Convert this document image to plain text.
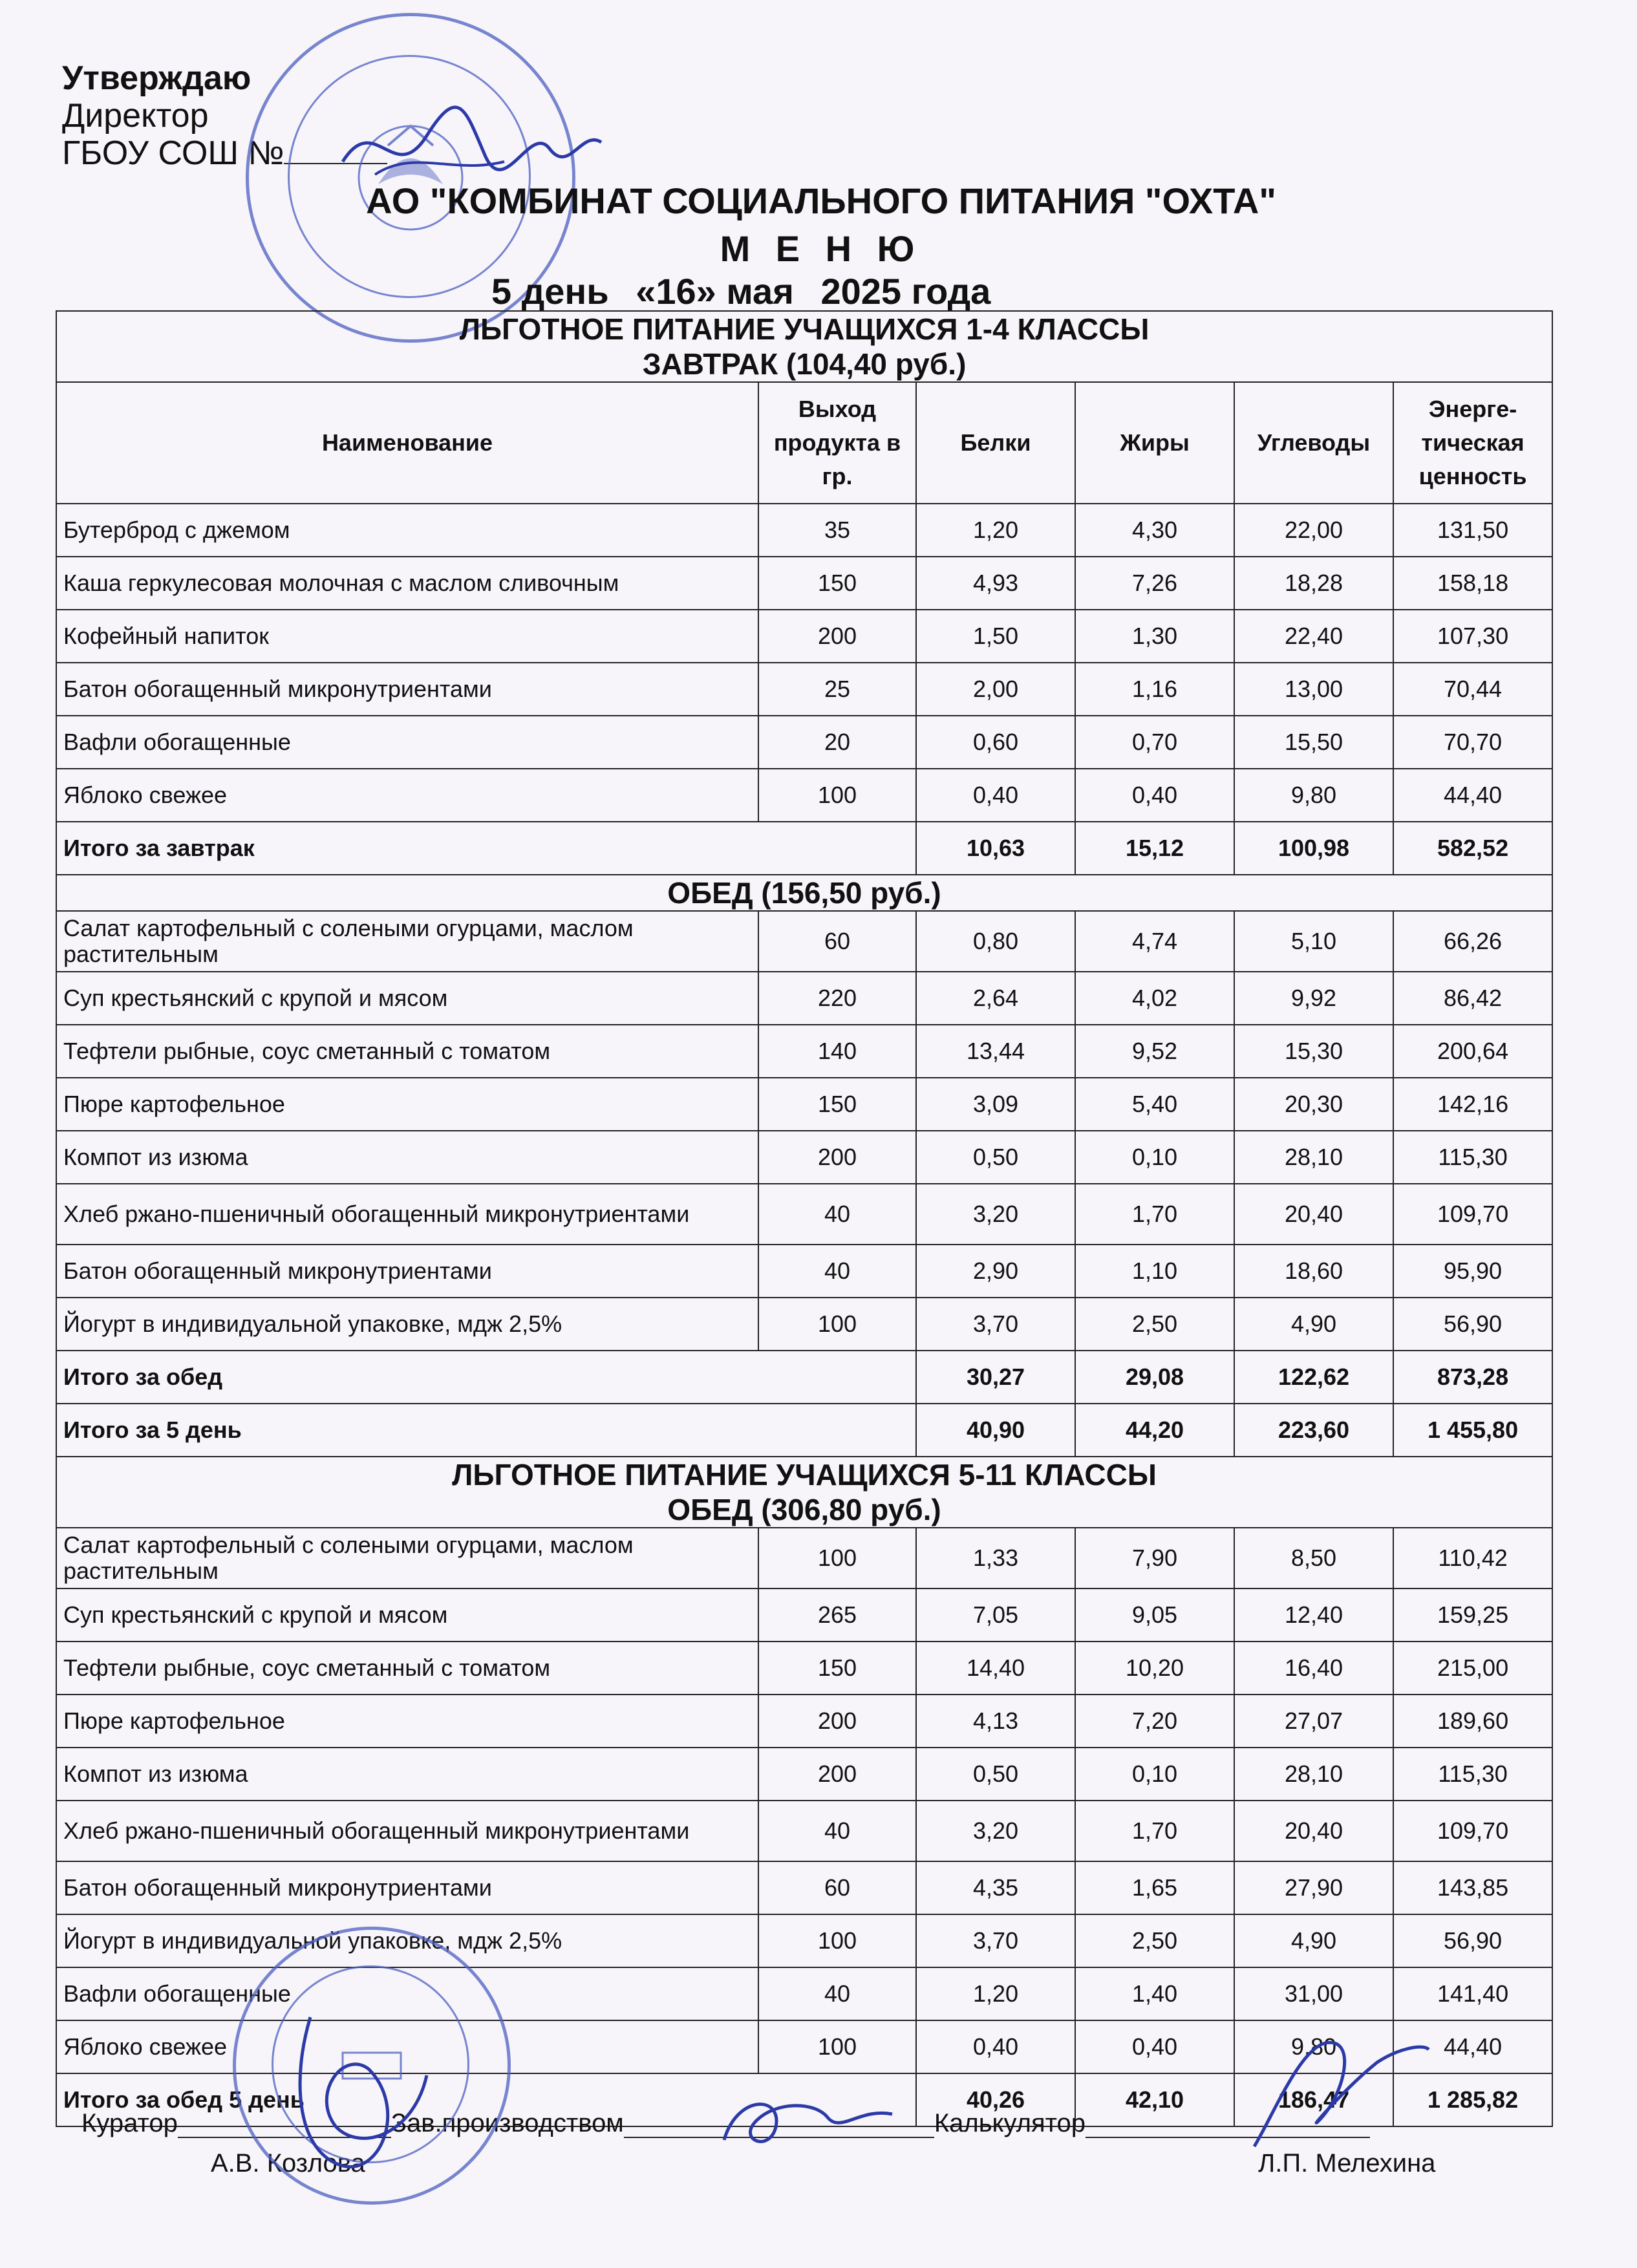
Утверждаю
Директор
ГБОУ СОШ №
АО "КОМБИНАТ СОЦИАЛЬНОГО ПИТАНИЯ "ОХТА"
М Е Н Ю
5 день «16» мая 2025 года
ЛЬГОТНОЕ ПИТАНИЕ УЧАЩИХСЯ 1-4 КЛАССЫ
ЗАВТРАК (104,40 руб.)					

Наименование	Выход продукта в гр.	Белки	Жиры	Углеводы	Энерге-тическая ценность
Бутерброд с джемом	35	1,20	4,30	22,00	131,50
Каша геркулесовая молочная с маслом сливочным	150	4,93	7,26	18,28	158,18
Кофейный напиток	200	1,50	1,30	22,40	107,30
Батон обогащенный микронутриентами	25	2,00	1,16	13,00	70,44
Вафли обогащенные	20	0,60	0,70	15,50	70,70
Яблоко свежее	100	0,40	0,40	9,80	44,40
Итого за завтрак		10,63	15,12	100,98	582,52
ОБЕД (156,50 руб.)					
Салат картофельный с солеными огурцами, маслом растительным	60	0,80	4,74	5,10	66,26
Суп крестьянский с крупой и мясом	220	2,64	4,02	9,92	86,42
Тефтели рыбные, соус сметанный с томатом	140	13,44	9,52	15,30	200,64
Пюре картофельное	150	3,09	5,40	20,30	142,16
Компот из изюма	200	0,50	0,10	28,10	115,30
Хлеб ржано-пшеничный обогащенный микронутриентами	40	3,20	1,70	20,40	109,70
Батон обогащенный микронутриентами	40	2,90	1,10	18,60	95,90
Йогурт в индивидуальной упаковке, мдж 2,5%	100	3,70	2,50	4,90	56,90
Итого за обед		30,27	29,08	122,62	873,28
Итого за 5 день		40,90	44,20	223,60	1 455,80

ЛЬГОТНОЕ ПИТАНИЕ УЧАЩИХСЯ 5-11 КЛАССЫ
ОБЕД (306,80 руб.)					

Салат картофельный с солеными огурцами, маслом растительным	100	1,33	7,90	8,50	110,42
Суп крестьянский с крупой и мясом	265	7,05	9,05	12,40	159,25
Тефтели рыбные, соус сметанный с томатом	150	14,40	10,20	16,40	215,00
Пюре картофельное	200	4,13	7,20	27,07	189,60
Компот из изюма	200	0,50	0,10	28,10	115,30
Хлеб ржано-пшеничный обогащенный микронутриентами	40	3,20	1,70	20,40	109,70
Батон обогащенный микронутриентами	60	4,35	1,65	27,90	143,85
Йогурт в индивидуальной упаковке, мдж 2,5%	100	3,70	2,50	4,90	56,90
Вафли обогащенные	40	1,20	1,40	31,00	141,40
Яблоко свежее	100	0,40	0,40	9,80	44,40
Итого за обед 5 день		40,26	42,10	186,47	1 285,82
Куратор	Зав.производством	Калькулятор
А.В. Козлова	Л.П. Мелехина
